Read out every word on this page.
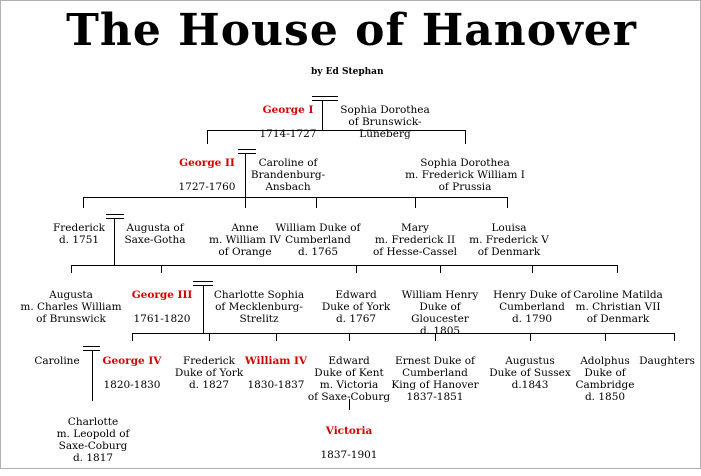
The House of Hanover
by Ed Stephan

George I

1714-1727

Sophia Dorothea
of Brunswick-Lüneberg

George II

1727-1760

Caroline of
Brandenburg-
Ansbach

Sophia Dorothea
m. Frederick William I
of Prussia

Frederick
d. 1751

Augusta of
Saxe-Gotha

Anne
m. William IV
of Orange

William Duke of
Cumberland
d. 1765

Mary
m. Frederick II
of Hesse-Cassel

Louisa
m. Frederick V
of Denmark

Augusta
m. Charles William
of Brunswick

George III

1761-1820

Charlotte Sophia
of Mecklenburg-
Strelitz

Edward
Duke of York
d. 1767

William Henry
Duke of Gloucester
d. 1805

Henry Duke of
Cumberland
d. 1790

Caroline Matilda
m. Christian VII
of Denmark

Caroline	George IV

1820-1830

Frederick
Duke of York
d. 1827

William IV

1830-1837

Edward
Duke of Kent
m. Victoria
of Saxe-Coburg

Ernest Duke of
Cumberland
King of Hanover
1837-1851

Augustus
Duke of Sussex
d.1843

Adolphus
Duke of
Cambridge
d. 1850

Daughters

Charlotte
m. Leopold of
Saxe-Coburg
d. 1817

Victoria

1837-1901
